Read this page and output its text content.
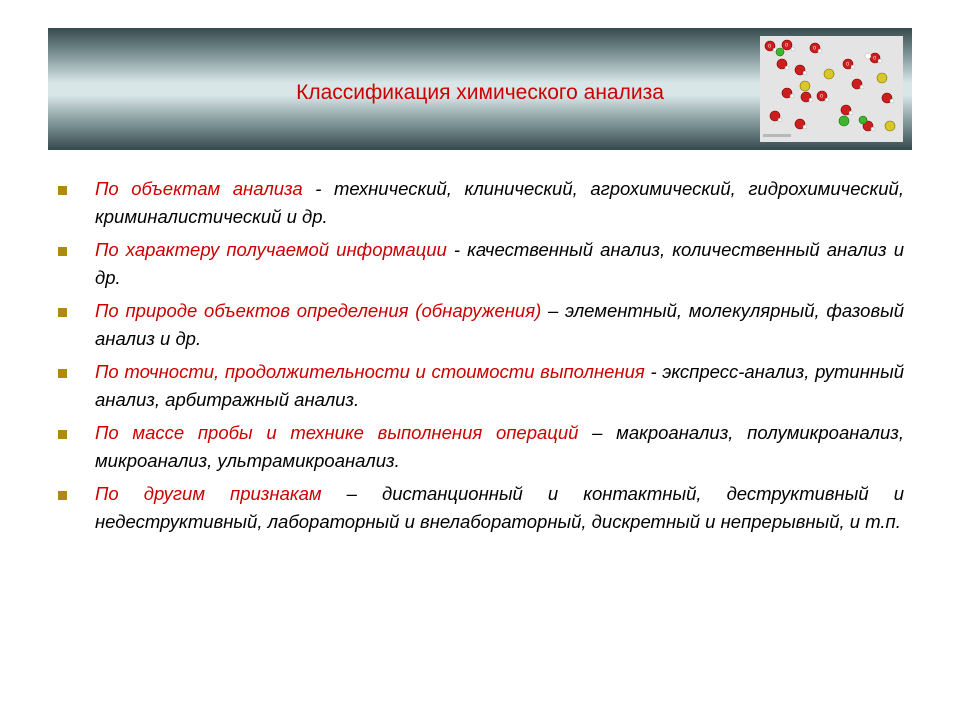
Классификация химического анализа
O	O
O
O
O
O
По объектам анализа - технический, клинический, агрохимический, гидрохимический, криминалистический и др.
По характеру получаемой информации - качественный анализ, количественный анализ и др.
По природе объектов определения (обнаружения) – элементный, молекулярный, фазовый анализ и др.
По точности, продолжительности и стоимости выполнения - экспресс-анализ, рутинный анализ, арбитражный анализ.
По массе пробы и технике выполнения операций – макроанализ, полумикроанализ, микроанализ, ультрамикроанализ.
По другим признакам – дистанционный и контактный, деструктивный и недеструктивный, лабораторный и внелабораторный, дискретный и непрерывный, и т.п.
